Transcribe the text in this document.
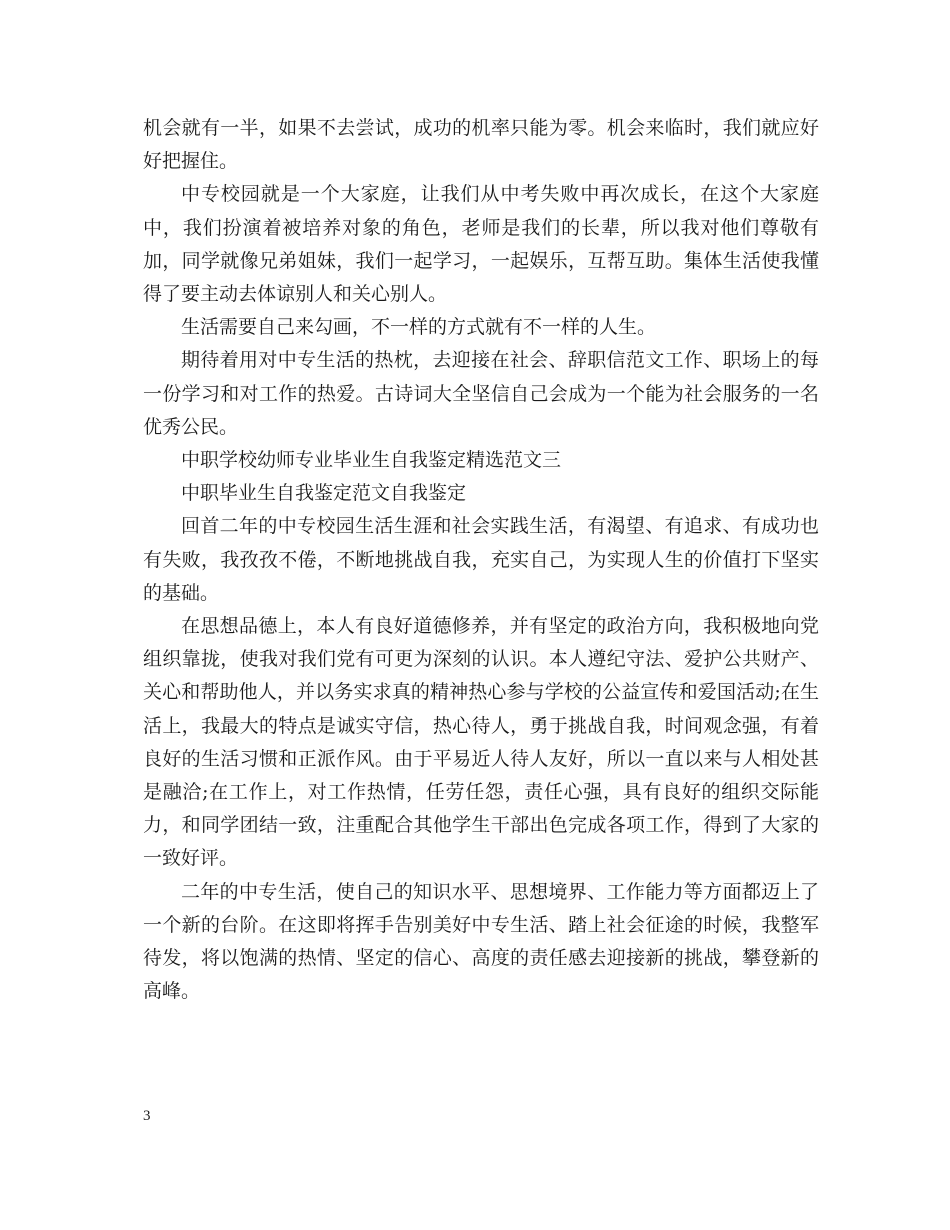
机会就有一半，如果不去尝试，成功的机率只能为零。机会来临时，我们就应好好把握住。

中专校园就是一个大家庭，让我们从中考失败中再次成长，在这个大家庭中，我们扮演着被培养对象的角色，老师是我们的长辈，所以我对他们尊敬有加，同学就像兄弟姐妹，我们一起学习，一起娱乐，互帮互助。集体生活使我懂得了要主动去体谅别人和关心别人。

生活需要自己来勾画，不一样的方式就有不一样的人生。

期待着用对中专生活的热枕，去迎接在社会、辞职信范文工作、职场上的每一份学习和对工作的热爱。古诗词大全坚信自己会成为一个能为社会服务的一名优秀公民。

中职学校幼师专业毕业生自我鉴定精选范文三

中职毕业生自我鉴定范文自我鉴定

回首二年的中专校园生活生涯和社会实践生活，有渴望、有追求、有成功也有失败，我孜孜不倦，不断地挑战自我，充实自己，为实现人生的价值打下坚实的基础。

在思想品德上，本人有良好道德修养，并有坚定的政治方向，我积极地向党组织靠拢，使我对我们党有可更为深刻的认识。本人遵纪守法、爱护公共财产、关心和帮助他人，并以务实求真的精神热心参与学校的公益宣传和爱国活动;在生活上，我最大的特点是诚实守信，热心待人，勇于挑战自我，时间观念强，有着良好的生活习惯和正派作风。由于平易近人待人友好，所以一直以来与人相处甚是融洽;在工作上，对工作热情，任劳任怨，责任心强，具有良好的组织交际能力，和同学团结一致，注重配合其他学生干部出色完成各项工作，得到了大家的一致好评。

二年的中专生活，使自己的知识水平、思想境界、工作能力等方面都迈上了一个新的台阶。在这即将挥手告别美好中专生活、踏上社会征途的时候，我整军待发，将以饱满的热情、坚定的信心、高度的责任感去迎接新的挑战，攀登新的高峰。

3
